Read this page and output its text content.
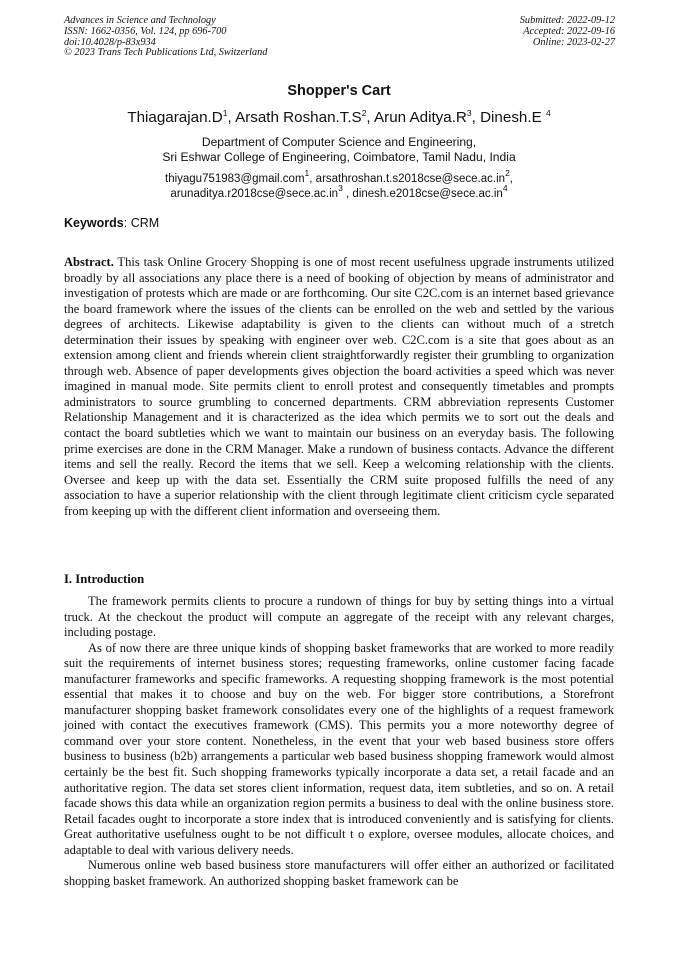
Advances in Science and Technology
ISSN: 1662-0356, Vol. 124, pp 696-700
doi:10.4028/p-83x934
© 2023 Trans Tech Publications Ltd, Switzerland
Submitted: 2022-09-12
Accepted: 2022-09-16
Online: 2023-02-27
Shopper's Cart
$Thiagarajan.D^1$, Arsath $Roshan.T.S^2$, Arun $Aditya.R^3$, Dinesh.E $^4$
Department of Computer Science and Engineering,
Sri Eshwar College of Engineering, Coimbatore, Tamil Nadu, India
thiyagu751983@gmail.com$^1$, $arsathroshan.t.s2018cse@\sec e.ac.in^2$,
$arunaditya.r2018cse@\sec e.ac.in^3$ , $dinesh.e2018cse@\sec e.ac.in^4$
Keywords: CRM
Abstract. This task Online Grocery Shopping is one of most recent usefulness upgrade instruments utilized broadly by all associations any place there is a need of booking of objection by means of administrator and investigation of protests which are made or are forthcoming. Our site C2C.com is an internet based grievance the board framework where the issues of the clients can be enrolled on the web and settled by the various degrees of architects. Likewise adaptability is given to the clients can without much of a stretch determination their issues by speaking with engineer over web. C2C.com is a site that goes about as an extension among client and friends wherein client straightforwardly register their grumbling to organization through web. Absence of paper developments gives objection the board activities a speed which was never imagined in manual mode. Site permits client to enroll protest and consequently timetables and prompts administrators to source grumbling to concerned departments. CRM abbreviation represents Customer Relationship Management and it is characterized as the idea which permits we to sort out the deals and contact the board subtleties which we want to maintain our business on an everyday basis. The following prime exercises are done in the CRM Manager. Make a rundown of business contacts. Advance the different items and sell the really. Record the items that we sell. Keep a welcoming relationship with the clients. Oversee and keep up with the data set. Essentially the CRM suite proposed fulfills the need of any association to have a superior relationship with the client through legitimate client criticism cycle separated from keeping up with the different client information and overseeing them.
I. Introduction

The framework permits clients to procure a rundown of things for buy by setting things into a virtual truck. At the checkout the product will compute an aggregate of the receipt with any relevant charges, including postage.

As of now there are three unique kinds of shopping basket frameworks that are worked to more readily suit the requirements of internet business stores; requesting frameworks, online customer facing facade manufacturer frameworks and specific frameworks. A requesting shopping framework is the most potential essential that makes it to choose and buy on the web. For bigger store contributions, a Storefront manufacturer shopping basket framework consolidates every one of the highlights of a request framework joined with contact the executives framework (CMS). This permits you a more noteworthy degree of command over your store content. Nonetheless, in the event that your web based business store offers business to business (b2b) arrangements a particular web based business shopping framework would almost certainly be the best fit. Such shopping frameworks typically incorporate a data set, a retail facade and an authoritative region. The data set stores client information, request data, item subtleties, and so on. A retail facade shows this data while an organization region permits a business to deal with the online business store. Retail facades ought to incorporate a store index that is introduced conveniently and is satisfying for clients. Great authoritative usefulness ought to be not difficult t o explore, oversee modules, allocate choices, and adaptable to deal with various delivery needs.

Numerous online web based business store manufacturers will offer either an authorized or facilitated shopping basket framework. An authorized shopping basket framework can be
